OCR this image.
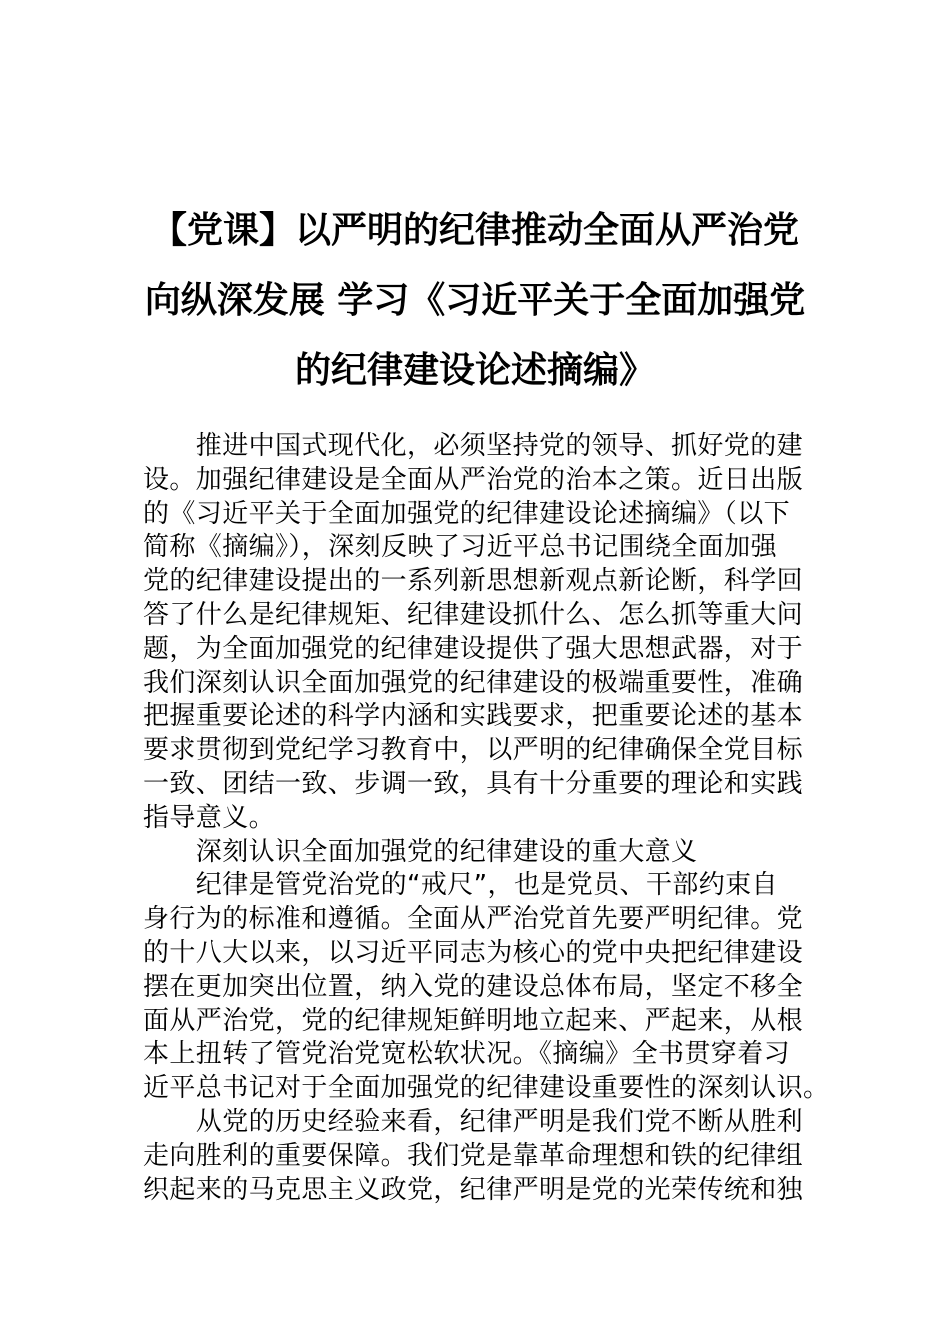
【党课】以严明的纪律推动全面从严治党
向纵深发展 学习《习近平关于全面加强党
的纪律建设论述摘编》
　　推进中国式现代化，必须坚持党的领导、抓好党的建
设。加强纪律建设是全面从严治党的治本之策。近日出版
的《习近平关于全面加强党的纪律建设论述摘编》（以下
简称《摘编》），深刻反映了习近平总书记围绕全面加强
党的纪律建设提出的一系列新思想新观点新论断，科学回
答了什么是纪律规矩、纪律建设抓什么、怎么抓等重大问
题，为全面加强党的纪律建设提供了强大思想武器，对于
我们深刻认识全面加强党的纪律建设的极端重要性，准确
把握重要论述的科学内涵和实践要求，把重要论述的基本
要求贯彻到党纪学习教育中，以严明的纪律确保全党目标
一致、团结一致、步调一致，具有十分重要的理论和实践
指导意义。
　　深刻认识全面加强党的纪律建设的重大意义
　　纪律是管党治党的“戒尺”，也是党员、干部约束自
身行为的标准和遵循。全面从严治党首先要严明纪律。党
的十八大以来，以习近平同志为核心的党中央把纪律建设
摆在更加突出位置，纳入党的建设总体布局，坚定不移全
面从严治党，党的纪律规矩鲜明地立起来、严起来，从根
本上扭转了管党治党宽松软状况。《摘编》全书贯穿着习
近平总书记对于全面加强党的纪律建设重要性的深刻认识。
　　从党的历史经验来看，纪律严明是我们党不断从胜利
走向胜利的重要保障。我们党是靠革命理想和铁的纪律组
织起来的马克思主义政党，纪律严明是党的光荣传统和独
